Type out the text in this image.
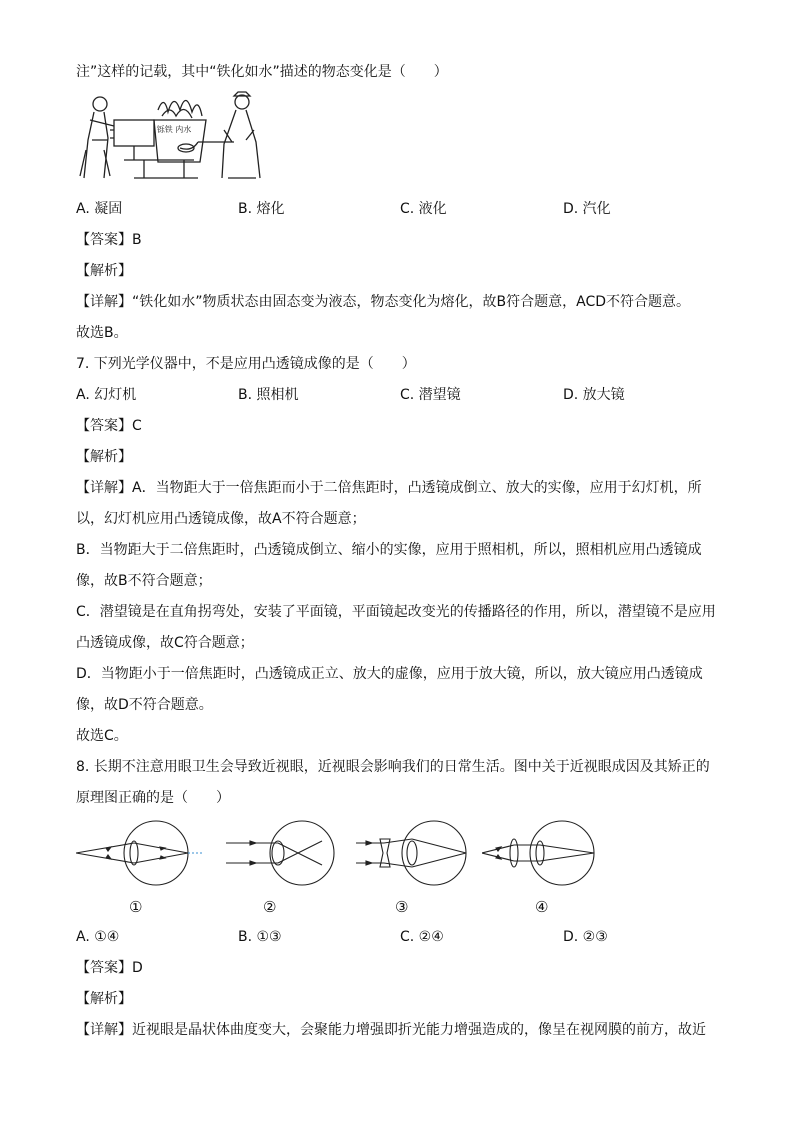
注”这样的记载，其中“铁化如水”描述的物态变化是（　　）
铄铁 内水
A. 凝固	B. 熔化	C. 液化	D. 汽化
【答案】B
【解析】
【详解】“铁化如水”物质状态由固态变为液态，物态变化为熔化，故B符合题意，ACD不符合题意。
故选B。
7. 下列光学仪器中，不是应用凸透镜成像的是（　　）
A. 幻灯机	B. 照相机	C. 潜望镜	D. 放大镜
【答案】C
【解析】
【详解】A．当物距大于一倍焦距而小于二倍焦距时，凸透镜成倒立、放大的实像，应用于幻灯机，所
以，幻灯机应用凸透镜成像，故A不符合题意；
B．当物距大于二倍焦距时，凸透镜成倒立、缩小的实像，应用于照相机，所以，照相机应用凸透镜成
像，故B不符合题意；
C．潜望镜是在直角拐弯处，安装了平面镜，平面镜起改变光的传播路径的作用，所以，潜望镜不是应用
凸透镜成像，故C符合题意；
D．当物距小于一倍焦距时，凸透镜成正立、放大的虚像，应用于放大镜，所以，放大镜应用凸透镜成
像，故D不符合题意。
故选C。
8. 长期不注意用眼卫生会导致近视眼，近视眼会影响我们的日常生活。图中关于近视眼成因及其矫正的
原理图正确的是（　　）
①	②	③	④
A. ①④	B. ①③	C. ②④	D. ②③
【答案】D
【解析】
【详解】近视眼是晶状体曲度变大，会聚能力增强即折光能力增强造成的，像呈在视网膜的前方，故近
